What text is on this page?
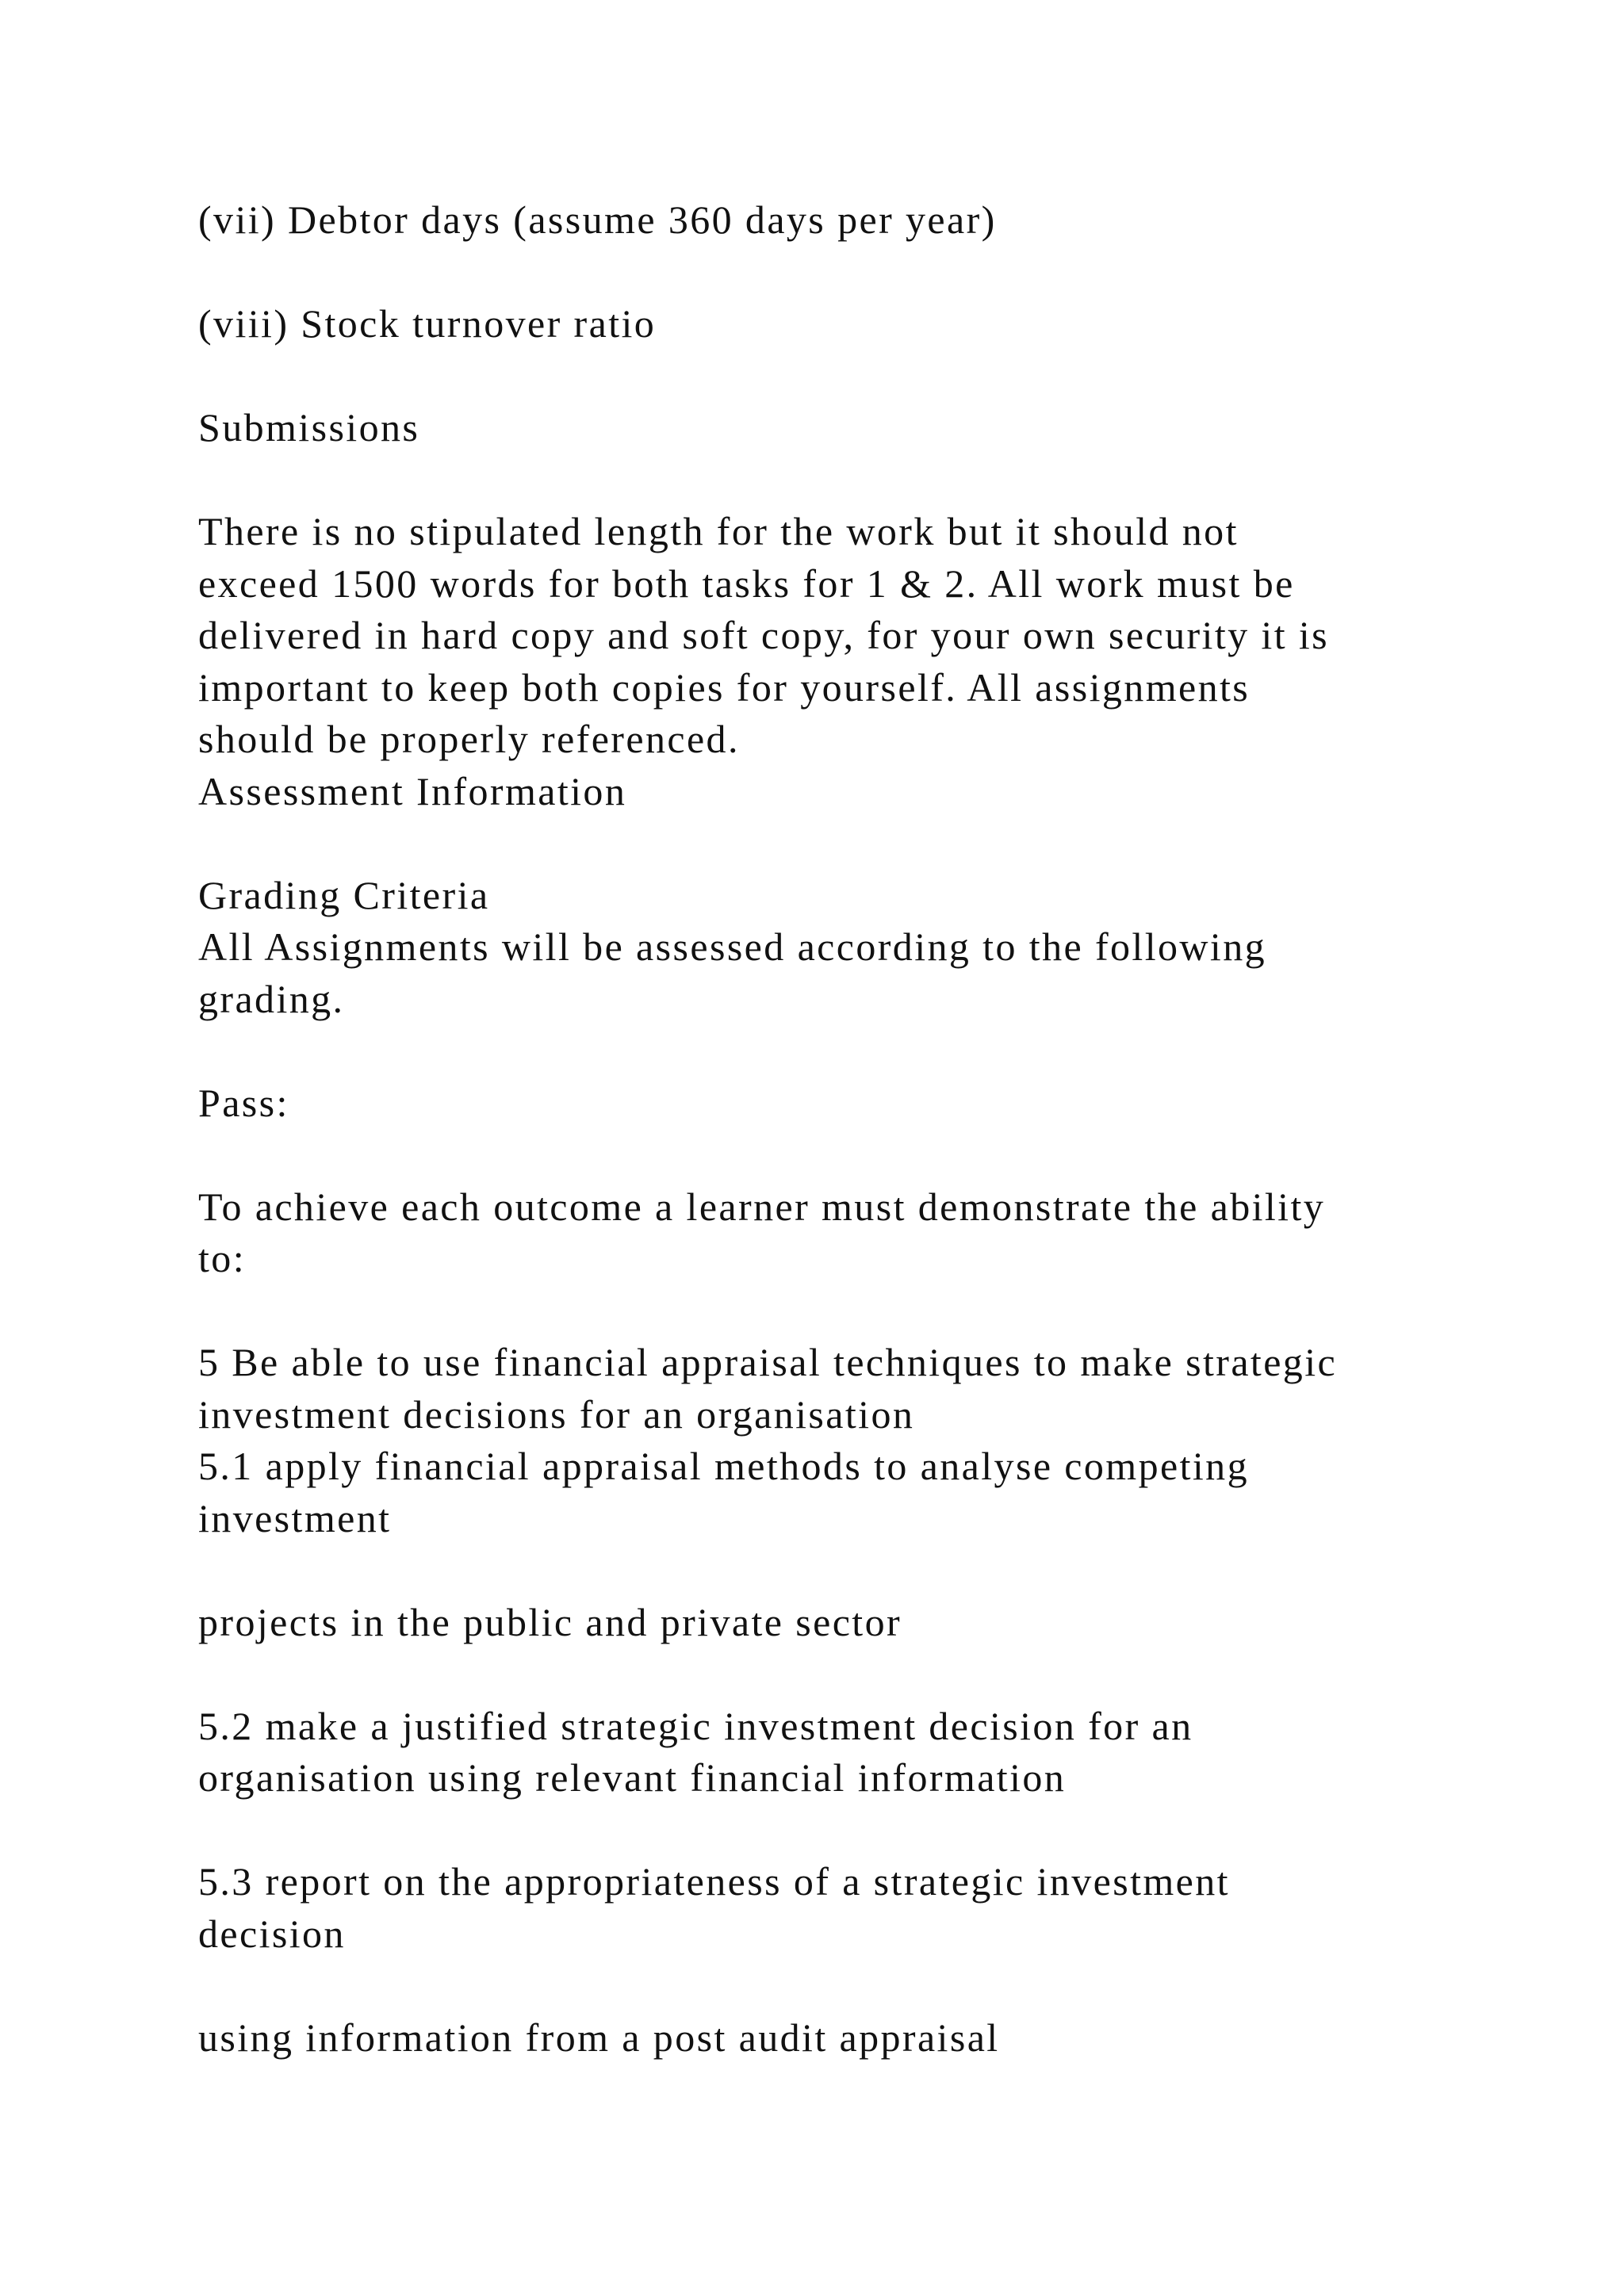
(vii) Debtor days (assume 360 days per year)
(viii) Stock turnover ratio
Submissions
There is no stipulated length for the work but it should not
exceed 1500 words for both tasks for 1 & 2. All work must be
delivered in hard copy and soft copy, for your own security it is
important to keep both copies for yourself. All assignments
should be properly referenced.
Assessment Information
Grading Criteria
All Assignments will be assessed according to the following
grading.
Pass:
To achieve each outcome a learner must demonstrate the ability
to:
5 Be able to use financial appraisal techniques to make strategic
investment decisions for an organisation
5.1 apply financial appraisal methods to analyse competing
investment
projects in the public and private sector
5.2 make a justified strategic investment decision for an
organisation using relevant financial information
5.3 report on the appropriateness of a strategic investment
decision
using information from a post audit appraisal
